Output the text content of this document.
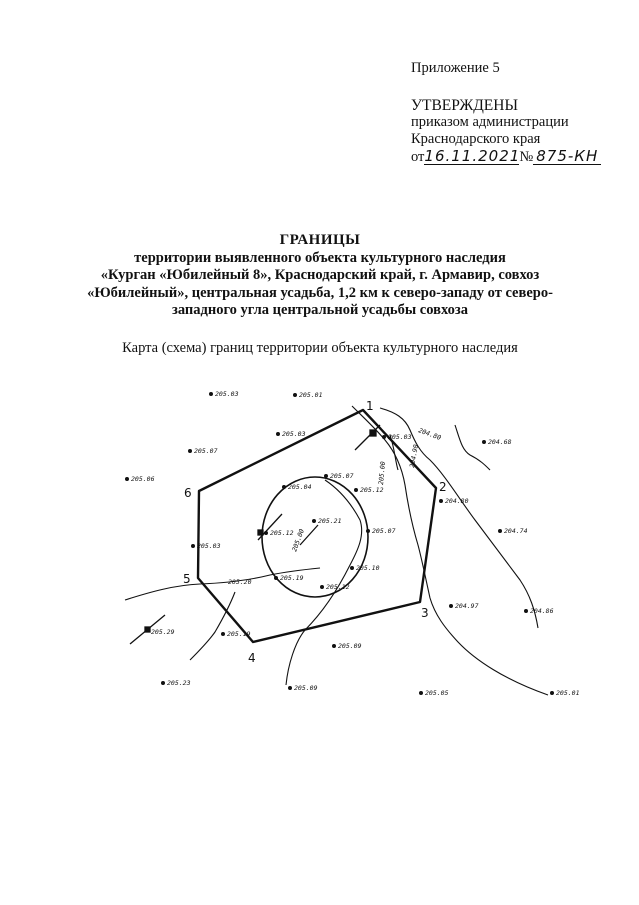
Приложение 5
УТВЕРЖДЕНЫ
приказом администрации
Краснодарского края
от16.11.2021№ 875-КН
ГРАНИЦЫ
территории выявленного объекта культурного наследия
«Курган «Юбилейный 8», Краснодарский край, г. Армавир, совхоз
«Юбилейный», центральная усадьба, 1,2 км к северо-западу от северо-
западного угла центральной усадьбы совхоза
Карта (схема) границ территории объекта культурного наследия
205.03	205.01
205.03	205.03 204.80
204.68
205.07
205.06	205.07
205.04	205.12
205.00
204.90
204.80
205.21
205.12	205.07	204.74
205.00
205.03
205.10
205.19
205.20
205.12
204.97
204.86
205.29	205.19
205.09
205.23
205.09
205.05	205.01
1
2
3
4
5
6
